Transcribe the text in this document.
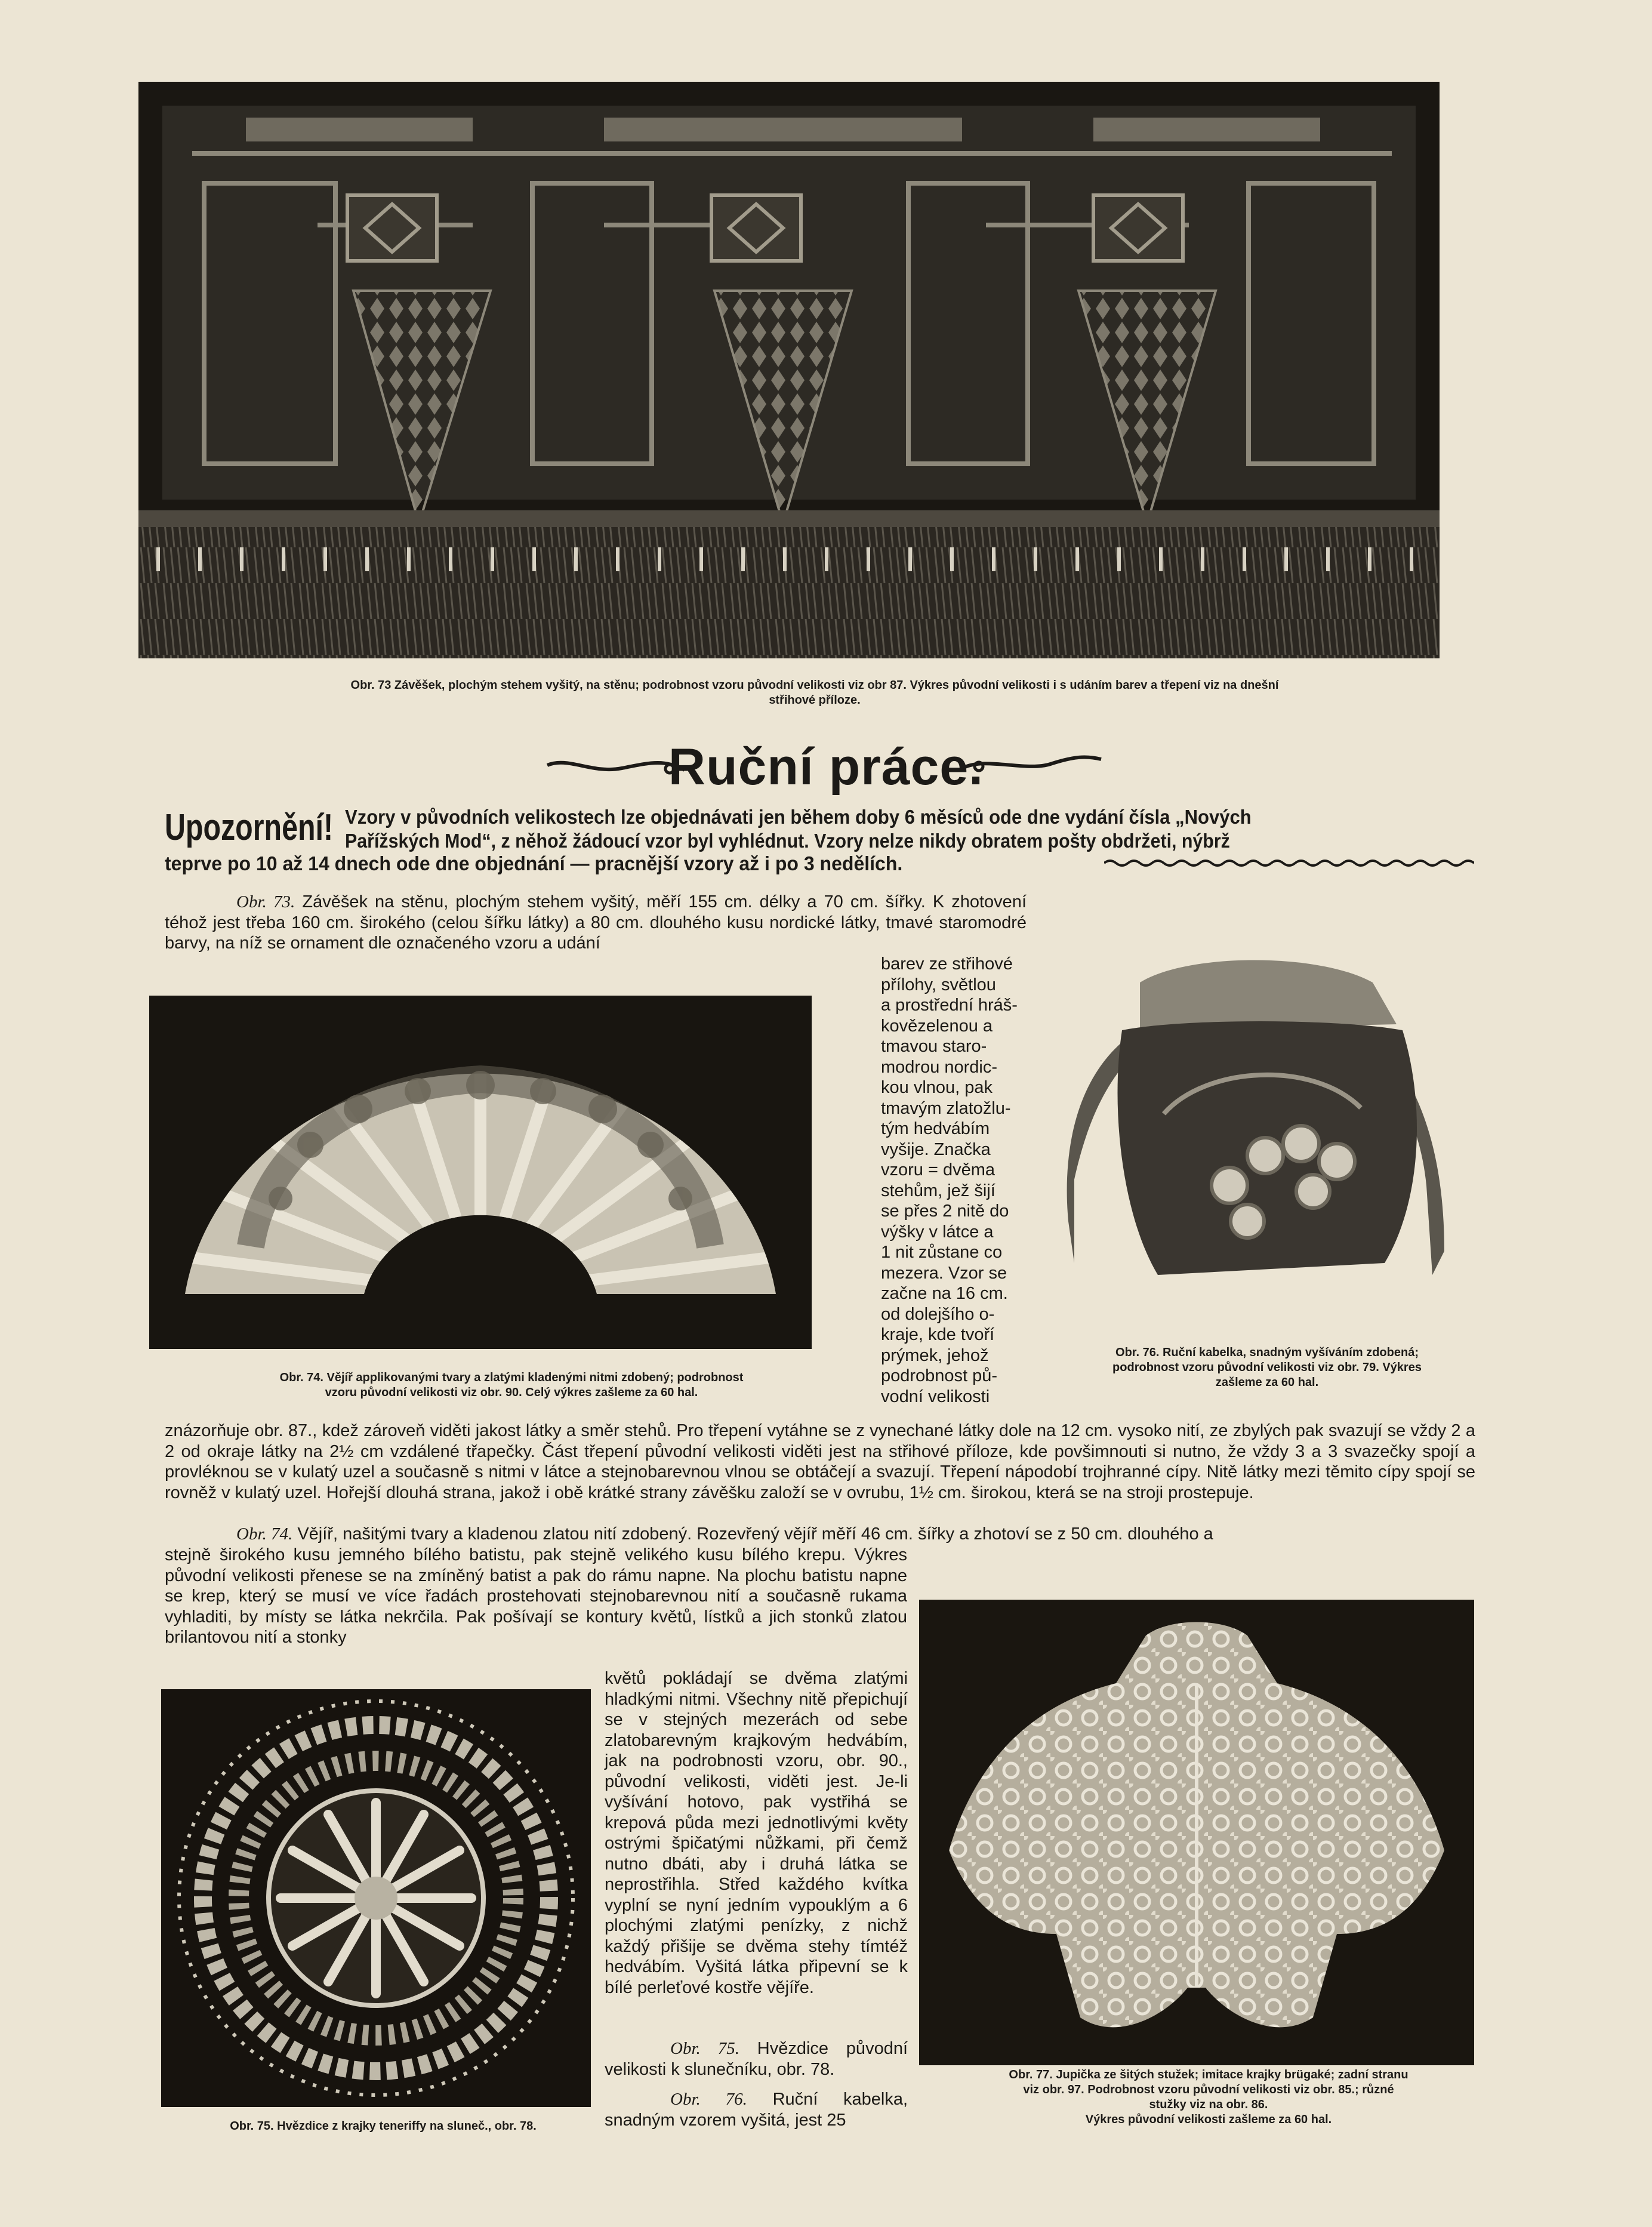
Obr. 73 Závěšek, plochým stehem vyšitý, na stěnu; podrobnost vzoru původní velikosti viz obr 87. Výkres původní velikosti i s udáním barev a třepení viz na dnešní
střihové příloze.
Ruční práce.
Upozornění! Vzory v původních velikostech lze objednávati jen během doby 6 měsíců ode dne vydání čísla „Nových
Pařížských Mod“, z něhož žádoucí vzor byl vyhlédnut. Vzory nelze nikdy obratem pošty obdržeti, nýbrž
teprve po 10 až 14 dnech ode dne objednání — pracnější vzory až i po 3 nedělích.

Obr. 73. Závěšek na stěnu, plochým stehem vyšitý, měří 155 cm. délky a 70 cm. šířky. K zhotovení téhož jest třeba 160 cm. širokého (celou šířku látky) a 80 cm. dlouhého kusu nordické látky, tmavé staromodré barvy, na níž se ornament dle označeného vzoru a udání

barev ze střihové
přílohy, světlou
a prostřední hráš-
kovězelenou a
tmavou staro-
modrou nordic-
kou vlnou, pak
tmavým zlatožlu-
tým hedvábím
vyšije. Značka
vzoru = dvěma
stehům, jež šijí
se přes 2 nitě do
výšky v látce a
1 nit zůstane co
mezera. Vzor se
začne na 16 cm.
od dolejšího o-
kraje, kde tvoří
prýmek, jehož
podrobnost pů-
vodní velikosti
Obr. 74. Vějíř applikovanými tvary a zlatými kladenými nitmi zdobený; podrobnost
vzoru původní velikosti viz obr. 90. Celý výkres zašleme za 60 hal.
Obr. 76. Ruční kabelka, snadným vyšíváním zdobená;
podrobnost vzoru původní velikosti viz obr. 79. Výkres
zašleme za 60 hal.

znázorňuje obr. 87., kdež zároveň viděti jakost látky a směr stehů. Pro třepení vytáhne se z vynechané látky dole na 12 cm. vysoko nití, ze zbylých pak svazují se vždy 2 a 2 od okraje látky na 2½ cm vzdálené třapečky. Část třepení původní velikosti viděti jest na střihové příloze, kde povšimnouti si nutno, že vždy 3 a 3 svazečky spojí a provléknou se v kulatý uzel a současně s nitmi v látce a stejnobarevnou vlnou se obtáčejí a svazují. Třepení nápodobí trojhranné cípy. Nitě látky mezi těmito cípy spojí se rovněž v kulatý uzel. Hořejší dlouhá strana, jakož i obě krátké strany závěšku založí se v ovrubu, 1½ cm. širokou, která se na stroji prostepuje.

Obr. 74. Vějíř, našitými tvary a kladenou zlatou nití zdobený. Rozevřený vějíř měří 46 cm. šířky a zhotoví se z 50 cm. dlouhého a

stejně širokého kusu jemného bílého batistu, pak stejně velikého kusu bílého krepu. Výkres původní velikosti přenese se na zmíněný batist a pak do rámu napne. Na plochu batistu napne se krep, který se musí ve více řadách prostehovati stejnobarevnou nití a současně rukama vyhladiti, by místy se látka nekrčila. Pak pošívají se kontury květů, lístků a jich stonků zlatou brilantovou nití a stonky

květů pokládají se dvěma zlatými hladkými nitmi. Všechny nitě přepichují se v stejných mezerách od sebe zlatobarevným krajkovým hedvábím, jak na podrobnosti vzoru, obr. 90., původní velikosti, viděti jest. Je-li vyšívání hotovo, pak vystřihá se krepová půda mezi jednotlivými květy ostrými špičatými nůžkami, při čemž nutno dbáti, aby i druhá látka se neprostřihla. Střed každého kvítka vyplní se nyní jedním vypouklým a 6 plochými zlatými penízky, z nichž každý přišije se dvěma stehy tímtéž hedvábím. Vyšitá látka připevní se k bílé perleťové kostře vějíře.

Obr. 75. Hvězdice původní velikosti k slunečníku, obr. 78.

Obr. 76. Ruční kabelka, snadným vzorem vyšitá, jest 25

Obr. 75. Hvězdice z krajky teneriffy na sluneč., obr. 78.
Obr. 77. Jupička ze šitých stužek; imitace krajky brügaké; zadní stranu
viz obr. 97. Podrobnost vzoru původní velikosti viz obr. 85.; různé
stužky viz na obr. 86.
Výkres původní velikosti zašleme za 60 hal.
